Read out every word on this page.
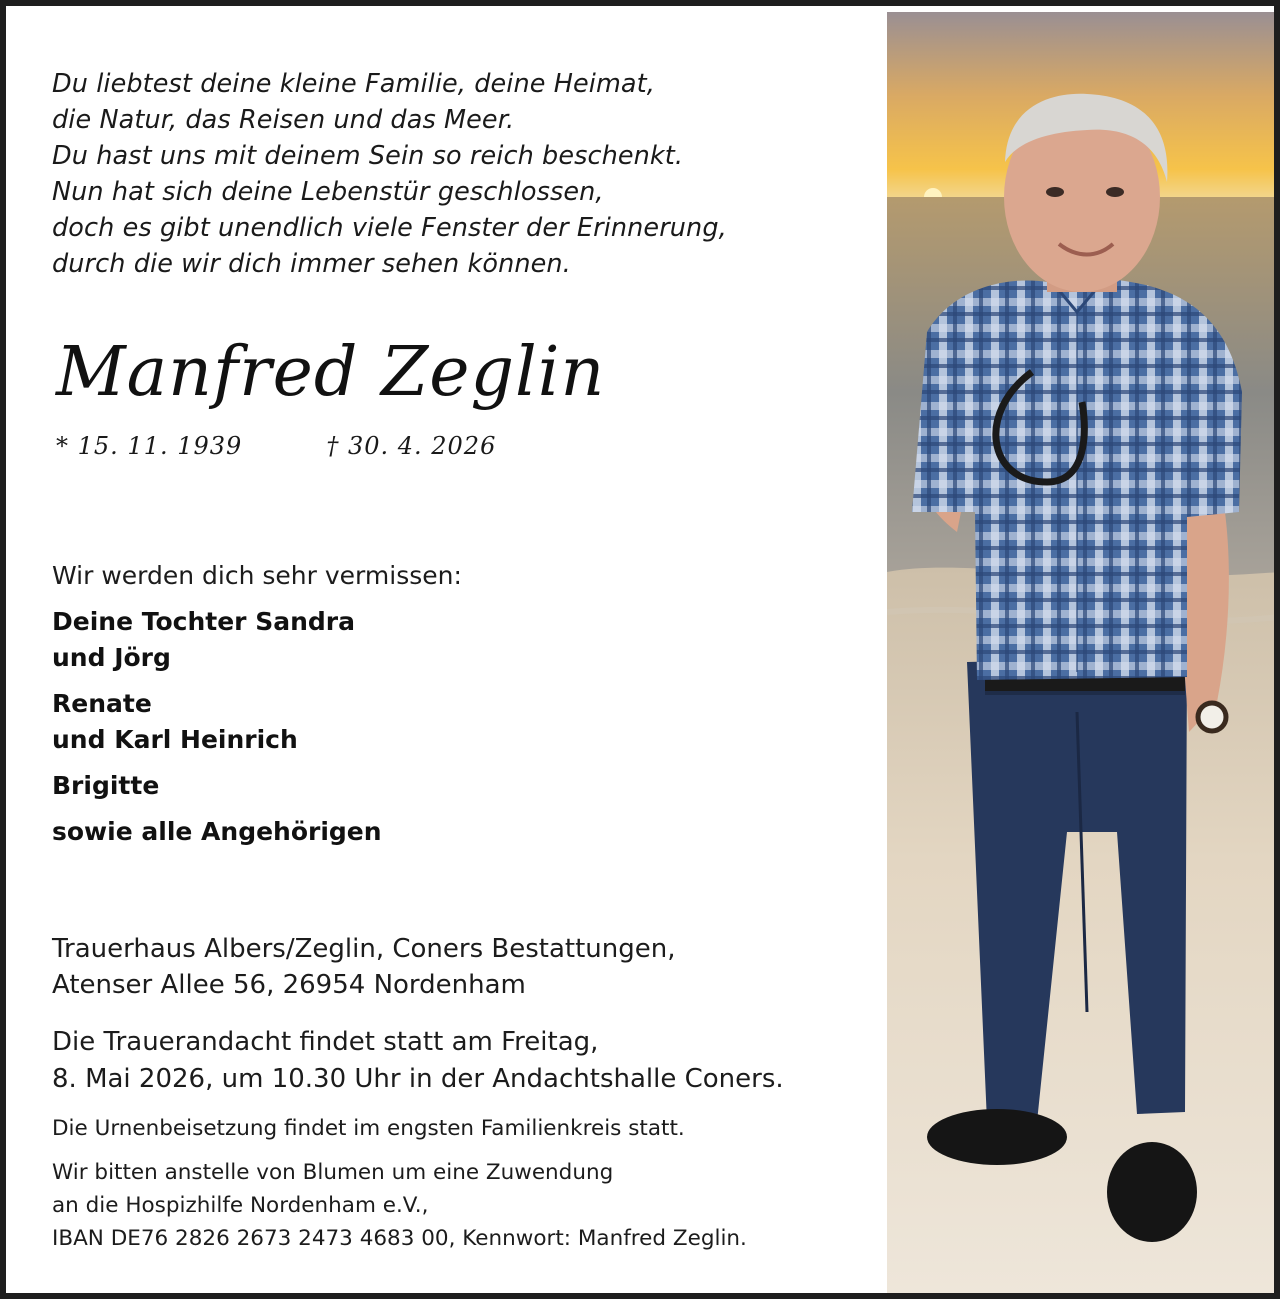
Du liebtest deine kleine Familie, deine Heimat,
die Natur, das Reisen und das Meer.
Du hast uns mit deinem Sein so reich beschenkt.
Nun hat sich deine Lebenstür geschlossen,
doch es gibt unendlich viele Fenster der Erinnerung,
durch die wir dich immer sehen können.
Manfred Zeglin
* 15. 11. 1939	† 30. 4. 2026
Wir werden dich sehr vermissen:
Deine Tochter Sandra
und Jörg
Renate
und Karl Heinrich
Brigitte
sowie alle Angehörigen
Trauerhaus Albers/Zeglin, Coners Bestattungen,
Atenser Allee 56, 26954 Nordenham
Die Trauerandacht findet statt am Freitag,
8. Mai 2026, um 10.30 Uhr in der Andachtshalle Coners.
Die Urnenbeisetzung findet im engsten Familienkreis statt.
Wir bitten anstelle von Blumen um eine Zuwendung
an die Hospizhilfe Nordenham e.V.,
IBAN DE76 2826 2673 2473 4683 00, Kennwort: Manfred Zeglin.
